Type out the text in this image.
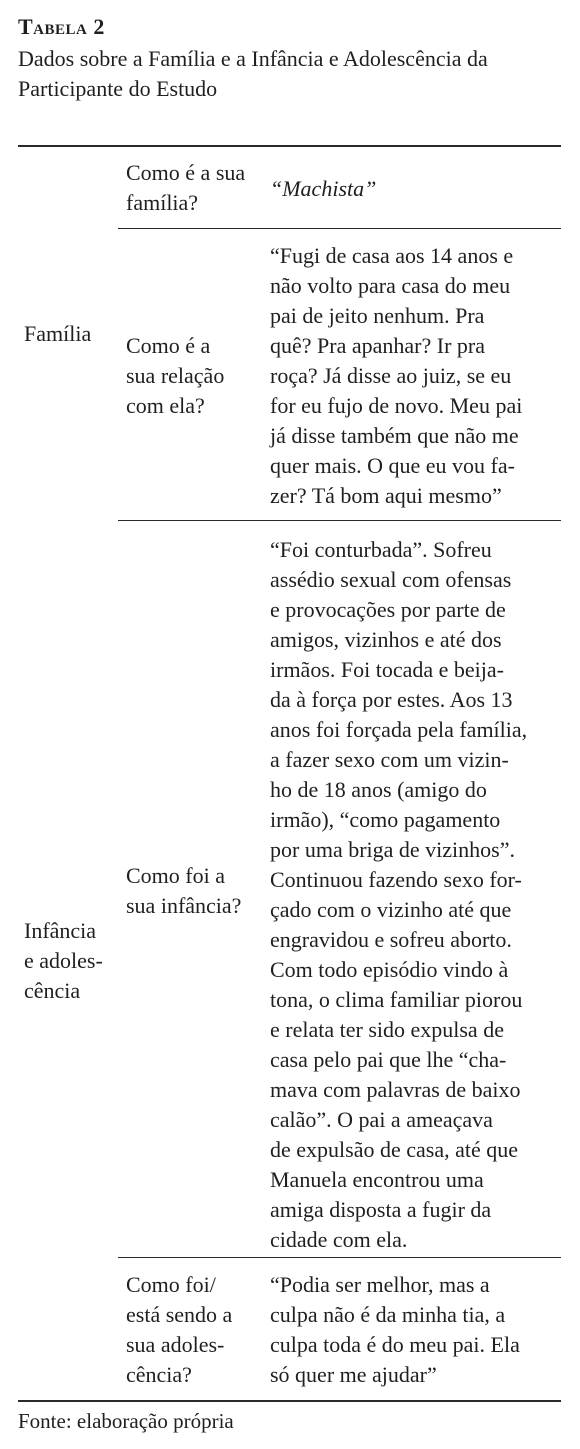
Tabela 2
Dados sobre a Família e a Infância e Adolescência da
Participante do Estudo
Família
Como é a sua
família?
“Machista”
Como é a
sua relação
com ela?
“Fugi de casa aos 14 anos e
não volto para casa do meu
pai de jeito nenhum. Pra
quê? Pra apanhar? Ir pra
roça? Já disse ao juiz, se eu
for eu fujo de novo. Meu pai
já disse também que não me
quer mais. O que eu vou fa-
zer? Tá bom aqui mesmo”
Infância
e adoles-
cência
Como foi a
sua infância?
“Foi conturbada”. Sofreu
assédio sexual com ofensas
e provocações por parte de
amigos, vizinhos e até dos
irmãos. Foi tocada e beija-
da à força por estes. Aos 13
anos foi forçada pela família,
a fazer sexo com um vizin-
ho de 18 anos (amigo do
irmão), “como pagamento
por uma briga de vizinhos”.
Continuou fazendo sexo for-
çado com o vizinho até que
engravidou e sofreu aborto.
Com todo episódio vindo à
tona, o clima familiar piorou
e relata ter sido expulsa de
casa pelo pai que lhe “cha-
mava com palavras de baixo
calão”. O pai a ameaçava
de expulsão de casa, até que
Manuela encontrou uma
amiga disposta a fugir da
cidade com ela.
Como foi/
está sendo a
sua adoles-
cência?
“Podia ser melhor, mas a
culpa não é da minha tia, a
culpa toda é do meu pai. Ela
só quer me ajudar”
Fonte: elaboração própria
